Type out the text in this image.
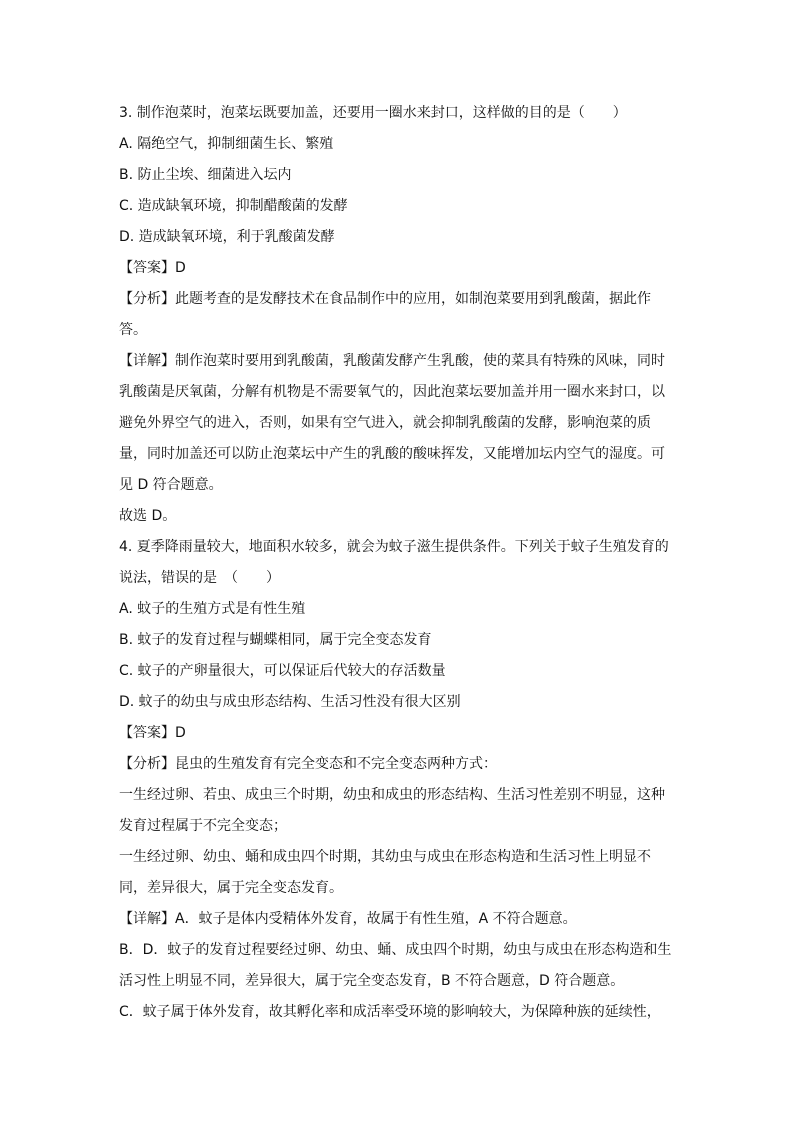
3. 制作泡菜时，泡菜坛既要加盖，还要用一圈水来封口，这样做的目的是（　　）
A. 隔绝空气，抑制细菌生长、繁殖
B. 防止尘埃、细菌进入坛内
C. 造成缺氧环境，抑制醋酸菌的发酵
D. 造成缺氧环境，利于乳酸菌发酵
【答案】D
【分析】此题考查的是发酵技术在食品制作中的应用，如制泡菜要用到乳酸菌，据此作
答。
【详解】制作泡菜时要用到乳酸菌，乳酸菌发酵产生乳酸，使的菜具有特殊的风味，同时
乳酸菌是厌氧菌，分解有机物是不需要氧气的，因此泡菜坛要加盖并用一圈水来封口，以
避免外界空气的进入，否则，如果有空气进入，就会抑制乳酸菌的发酵，影响泡菜的质
量，同时加盖还可以防止泡菜坛中产生的乳酸的酸味挥发，又能增加坛内空气的湿度。可
见 D 符合题意。
故选 D。
4. 夏季降雨量较大，地面积水较多，就会为蚊子滋生提供条件。下列关于蚊子生殖发育的
说法，错误的是　（　　）
A. 蚊子的生殖方式是有性生殖
B. 蚊子的发育过程与蝴蝶相同，属于完全变态发育
C. 蚊子的产卵量很大，可以保证后代较大的存活数量
D. 蚊子的幼虫与成虫形态结构、生活习性没有很大区别
【答案】D
【分析】昆虫的生殖发育有完全变态和不完全变态两种方式：
一生经过卵、若虫、成虫三个时期，幼虫和成虫的形态结构、生活习性差别不明显，这种
发育过程属于不完全变态；
一生经过卵、幼虫、蛹和成虫四个时期，其幼虫与成虫在形态构造和生活习性上明显不
同，差异很大，属于完全变态发育。
【详解】A．蚊子是体内受精体外发育，故属于有性生殖，A 不符合题意。
B．D．蚊子的发育过程要经过卵、幼虫、蛹、成虫四个时期，幼虫与成虫在形态构造和生
活习性上明显不同，差异很大，属于完全变态发育，B 不符合题意，D 符合题意。
C．蚊子属于体外发育，故其孵化率和成活率受环境的影响较大，为保障种族的延续性，
